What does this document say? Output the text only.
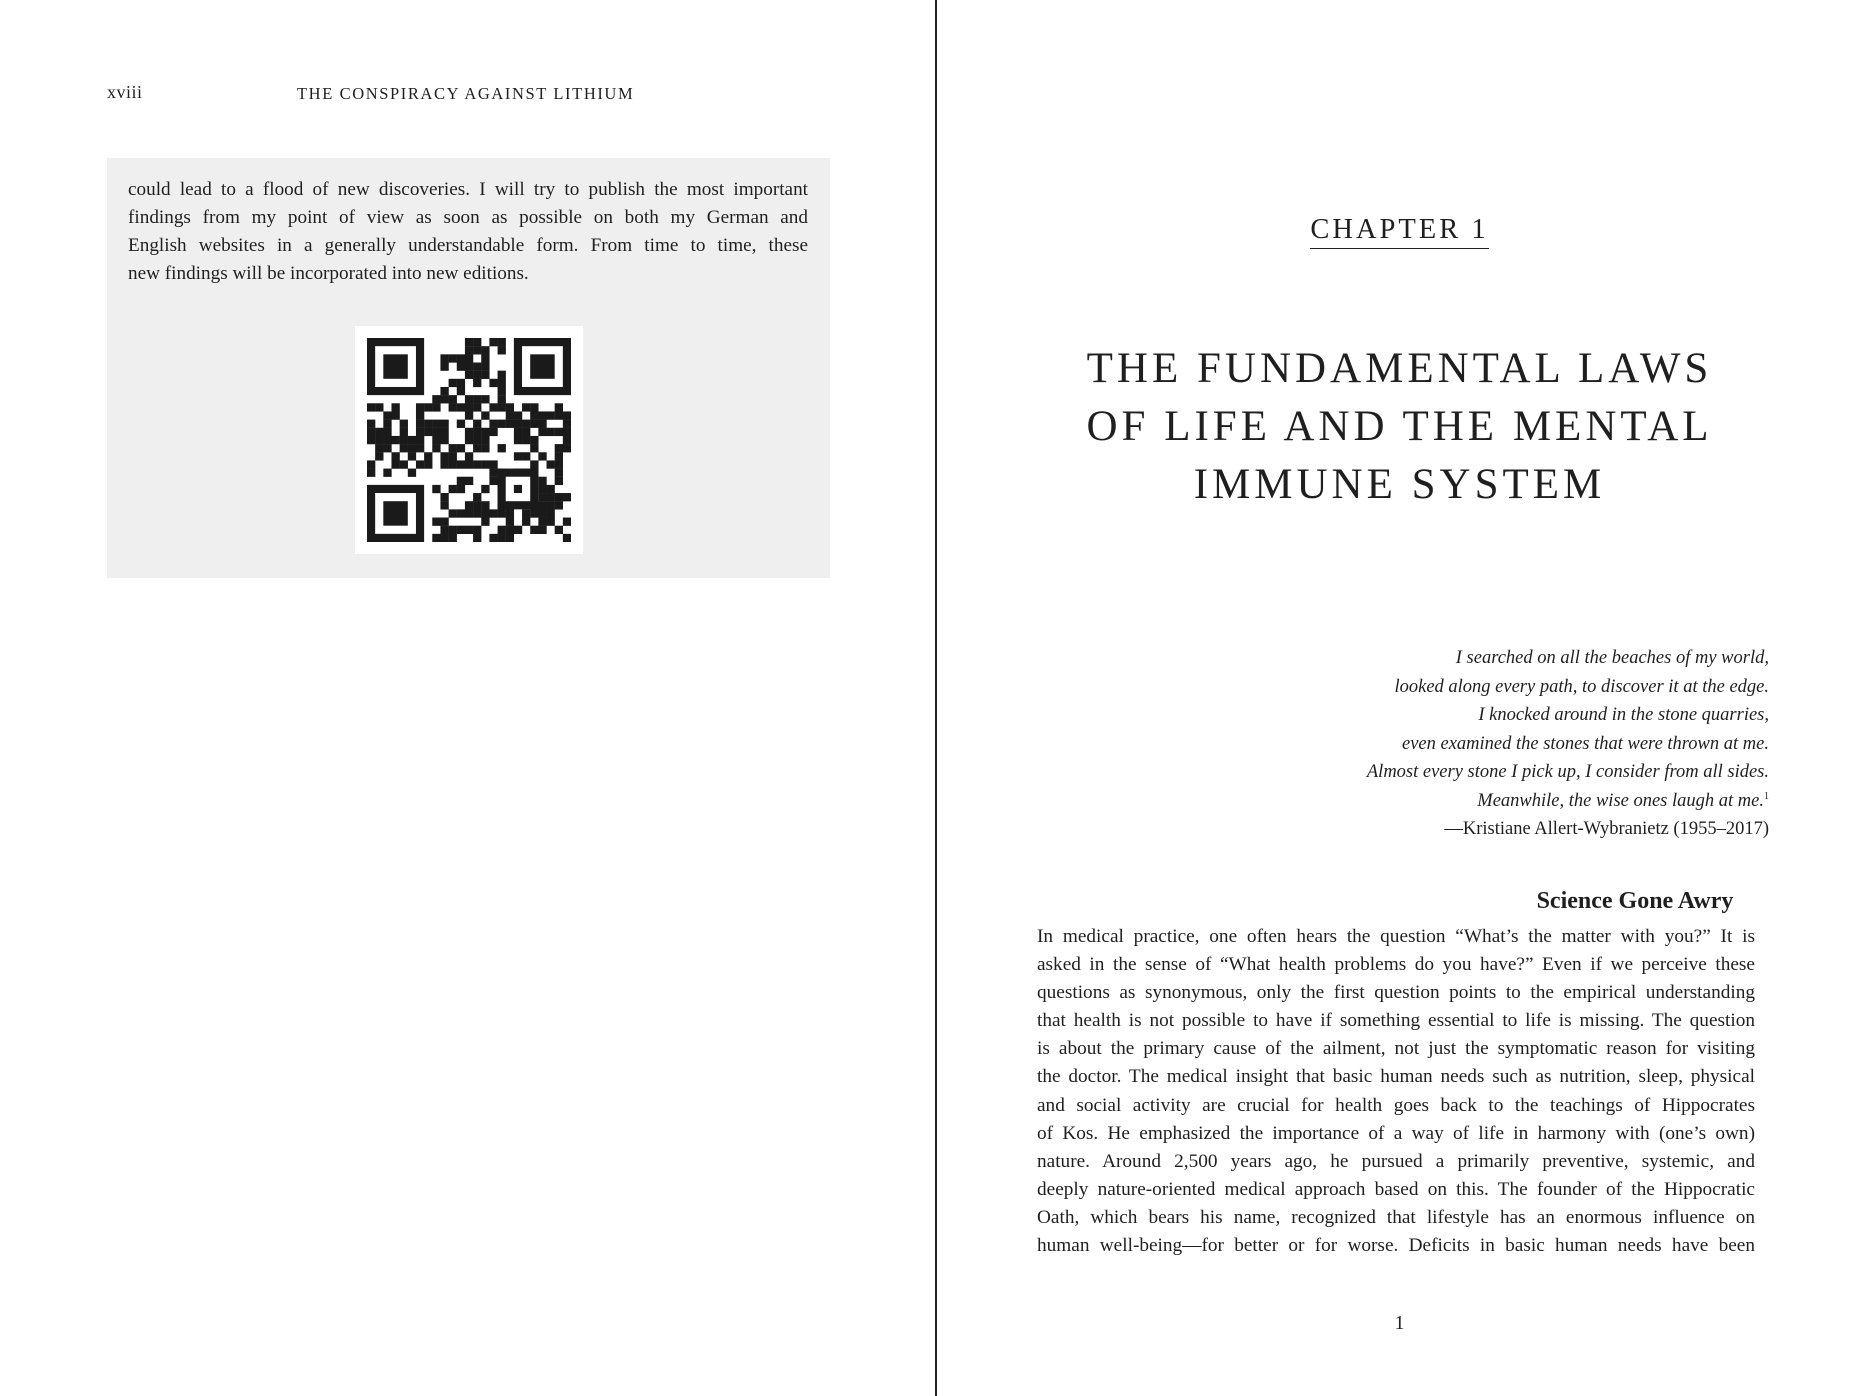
xviii	THE CONSPIRACY AGAINST LITHIUM
could lead to a flood of new discoveries. I will try to publish the most important
findings from my point of view as soon as possible on both my German and
English websites in a generally understandable form. From time to time, these
new findings will be incorporated into new editions.
CHAPTER 1
THE FUNDAMENTAL LAWS
OF LIFE AND THE MENTAL
IMMUNE SYSTEM
I searched on all the beaches of my world,
looked along every path, to discover it at the edge.
I knocked around in the stone quarries,
even examined the stones that were thrown at me.
Almost every stone I pick up, I consider from all sides.
Meanwhile, the wise ones laugh at me.$^1$
—Kristiane Allert-Wybranietz (1955–2017)
Science Gone Awry
In medical practice, one often hears the question “What’s the matter with you?” It is
asked in the sense of “What health problems do you have?” Even if we perceive these
questions as synonymous, only the first question points to the empirical understanding
that health is not possible to have if something essential to life is missing. The question
is about the primary cause of the ailment, not just the symptomatic reason for visiting
the doctor. The medical insight that basic human needs such as nutrition, sleep, physical
and social activity are crucial for health goes back to the teachings of Hippocrates
of Kos. He emphasized the importance of a way of life in harmony with (one’s own)
nature. Around 2,500 years ago, he pursued a primarily preventive, systemic, and
deeply nature-oriented medical approach based on this. The founder of the Hippocratic
Oath, which bears his name, recognized that lifestyle has an enormous influence on
human well-being—for better or for worse. Deficits in basic human needs have been
1
